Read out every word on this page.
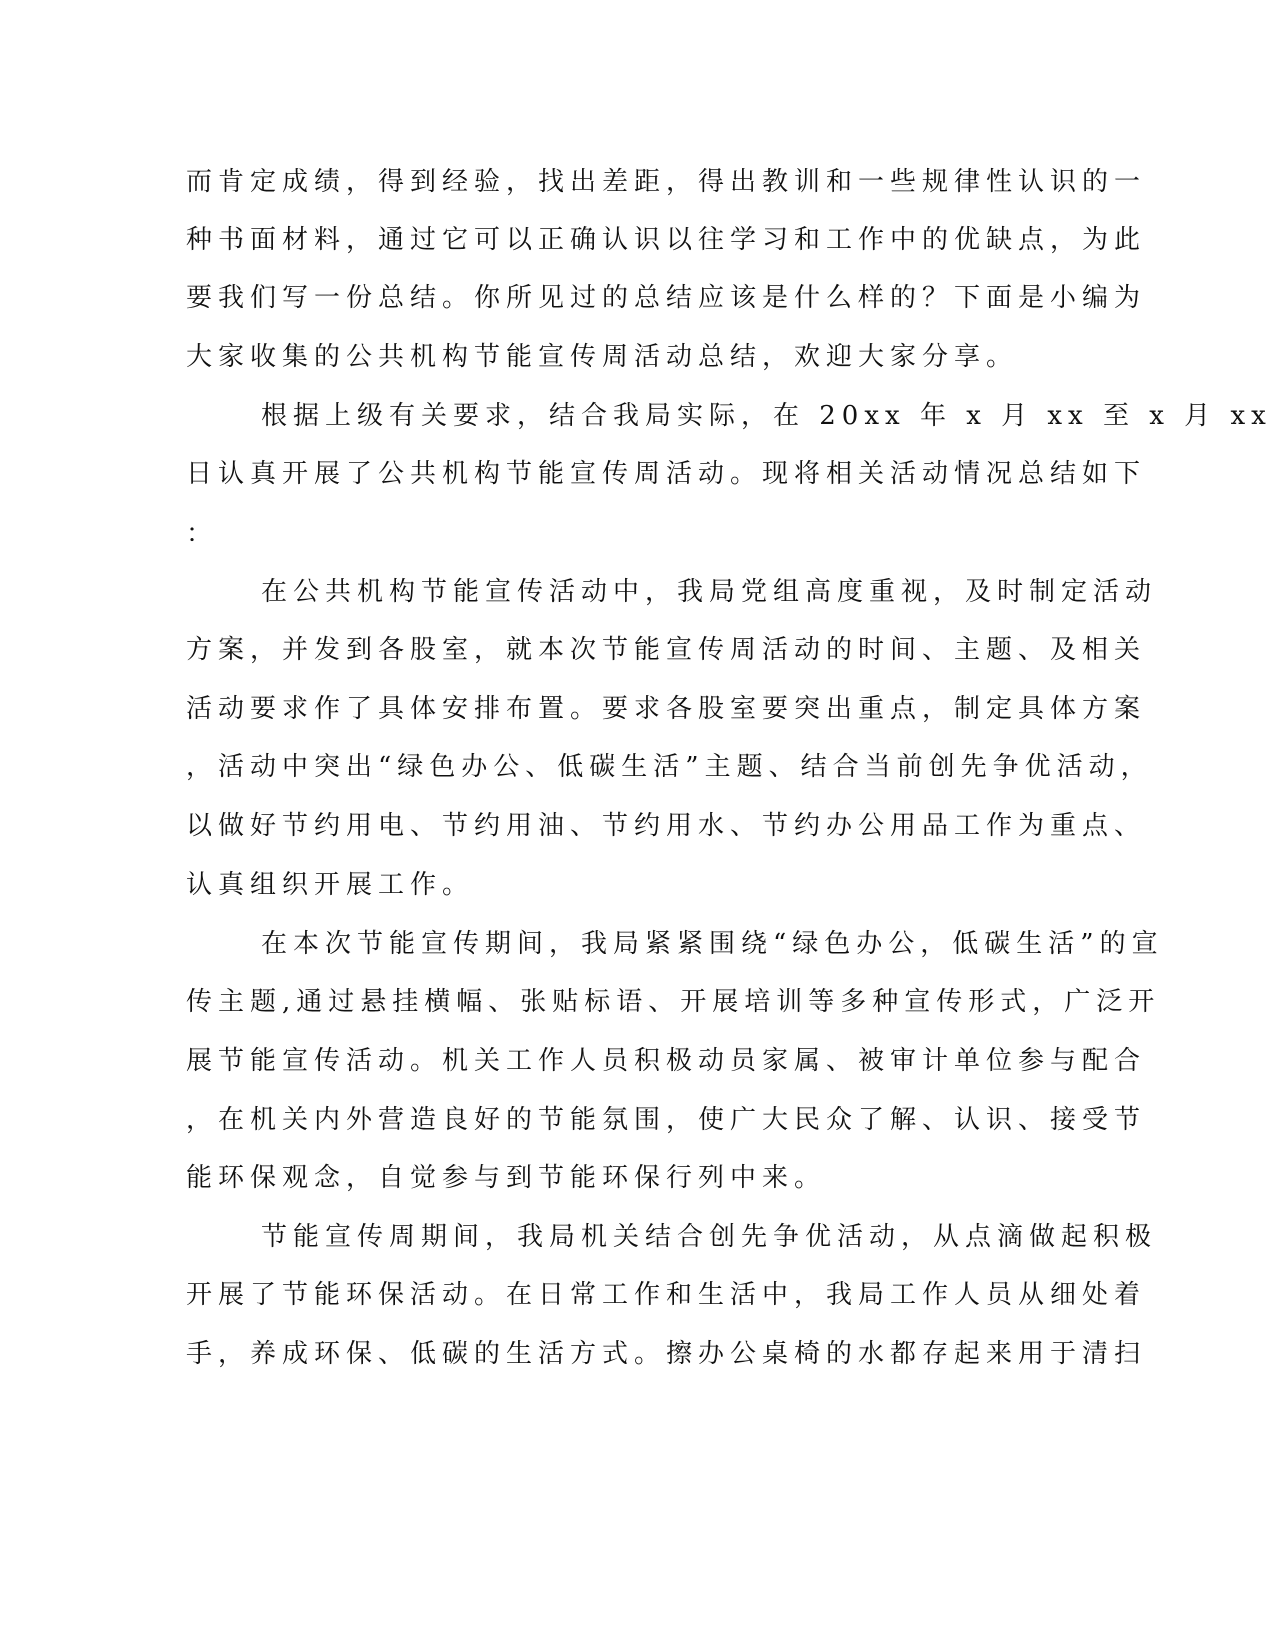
而肯定成绩，得到经验，找出差距，得出教训和一些规律性认识的一

种书面材料，通过它可以正确认识以往学习和工作中的优缺点，为此

要我们写一份总结。你所见过的总结应该是什么样的？下面是小编为

大家收集的公共机构节能宣传周活动总结，欢迎大家分享。

根据上级有关要求，结合我局实际，在 20xx 年 x 月 xx 至 x 月 xx

日认真开展了公共机构节能宣传周活动。现将相关活动情况总结如下

：

在公共机构节能宣传活动中，我局党组高度重视，及时制定活动

方案，并发到各股室，就本次节能宣传周活动的时间、主题、及相关

活动要求作了具体安排布置。要求各股室要突出重点，制定具体方案

，活动中突出“绿色办公、低碳生活”主题、结合当前创先争优活动，

以做好节约用电、节约用油、节约用水、节约办公用品工作为重点、

认真组织开展工作。

在本次节能宣传期间，我局紧紧围绕“绿色办公，低碳生活”的宣

传主题,通过悬挂横幅、张贴标语、开展培训等多种宣传形式，广泛开

展节能宣传活动。机关工作人员积极动员家属、被审计单位参与配合

，在机关内外营造良好的节能氛围，使广大民众了解、认识、接受节

能环保观念，自觉参与到节能环保行列中来。

节能宣传周期间，我局机关结合创先争优活动，从点滴做起积极

开展了节能环保活动。在日常工作和生活中，我局工作人员从细处着

手，养成环保、低碳的生活方式。擦办公桌椅的水都存起来用于清扫
